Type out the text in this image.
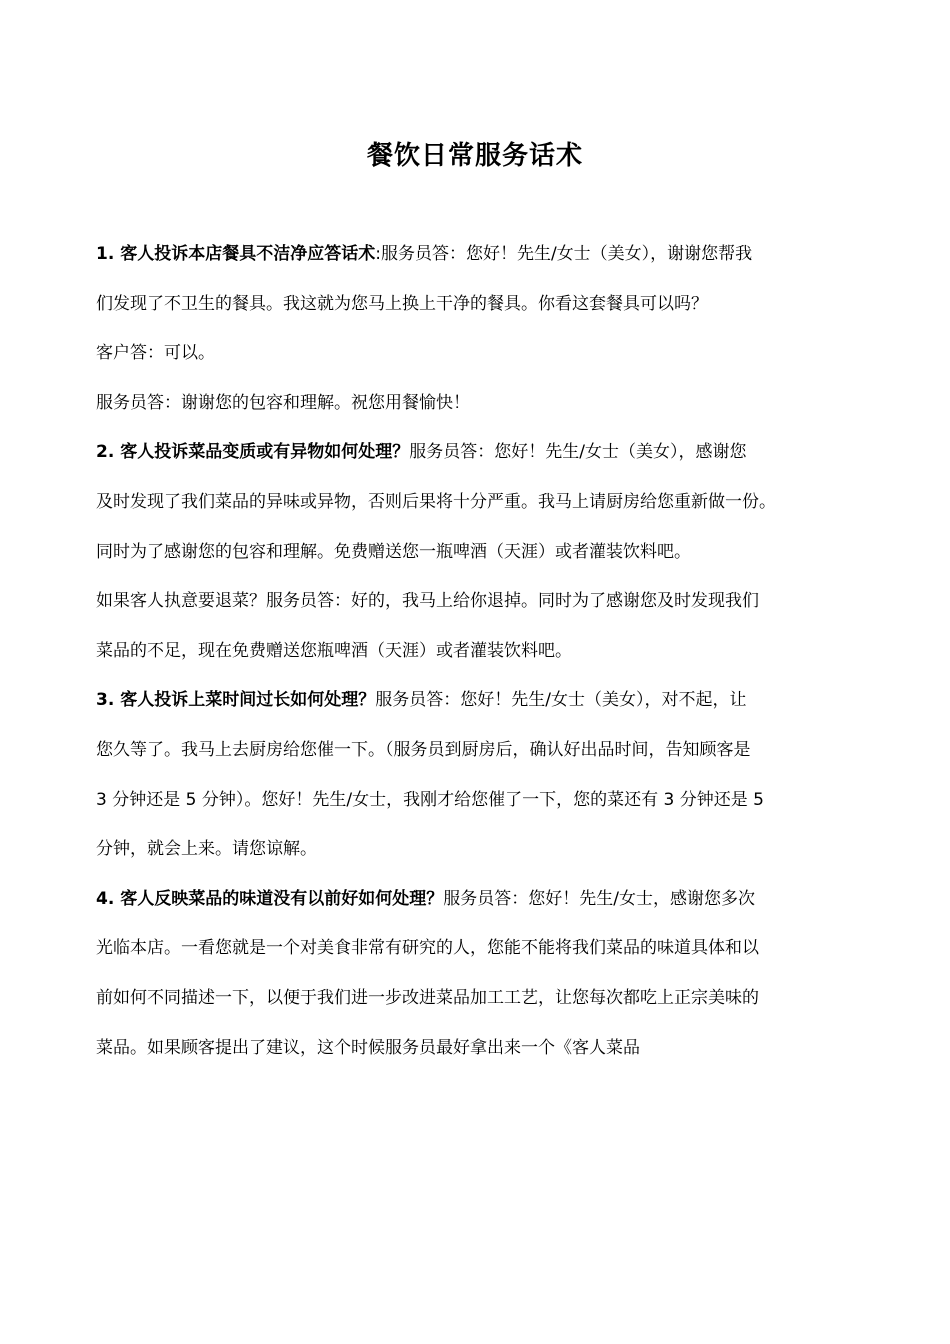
餐饮日常服务话术
1. 客人投诉本店餐具不洁净应答话术:服务员答：您好！先生/女士（美女），谢谢您帮我
们发现了不卫生的餐具。我这就为您马上换上干净的餐具。你看这套餐具可以吗？
客户答：可以。
服务员答：谢谢您的包容和理解。祝您用餐愉快！
2. 客人投诉菜品变质或有异物如何处理？服务员答：您好！先生/女士（美女），感谢您
及时发现了我们菜品的异味或异物，否则后果将十分严重。我马上请厨房给您重新做一份。
同时为了感谢您的包容和理解。免费赠送您一瓶啤酒（天涯）或者灌装饮料吧。
如果客人执意要退菜？服务员答：好的，我马上给你退掉。同时为了感谢您及时发现我们
菜品的不足，现在免费赠送您瓶啤酒（天涯）或者灌装饮料吧。
3. 客人投诉上菜时间过长如何处理？服务员答：您好！先生/女士（美女），对不起，让
您久等了。我马上去厨房给您催一下。（服务员到厨房后，确认好出品时间，告知顾客是
3 分钟还是 5 分钟）。您好！先生/女士，我刚才给您催了一下，您的菜还有 3 分钟还是 5
分钟，就会上来。请您谅解。
4. 客人反映菜品的味道没有以前好如何处理？服务员答：您好！先生/女士，感谢您多次
光临本店。一看您就是一个对美食非常有研究的人，您能不能将我们菜品的味道具体和以
前如何不同描述一下，以便于我们进一步改进菜品加工工艺，让您每次都吃上正宗美味的
菜品。如果顾客提出了建议，这个时候服务员最好拿出来一个《客人菜品
